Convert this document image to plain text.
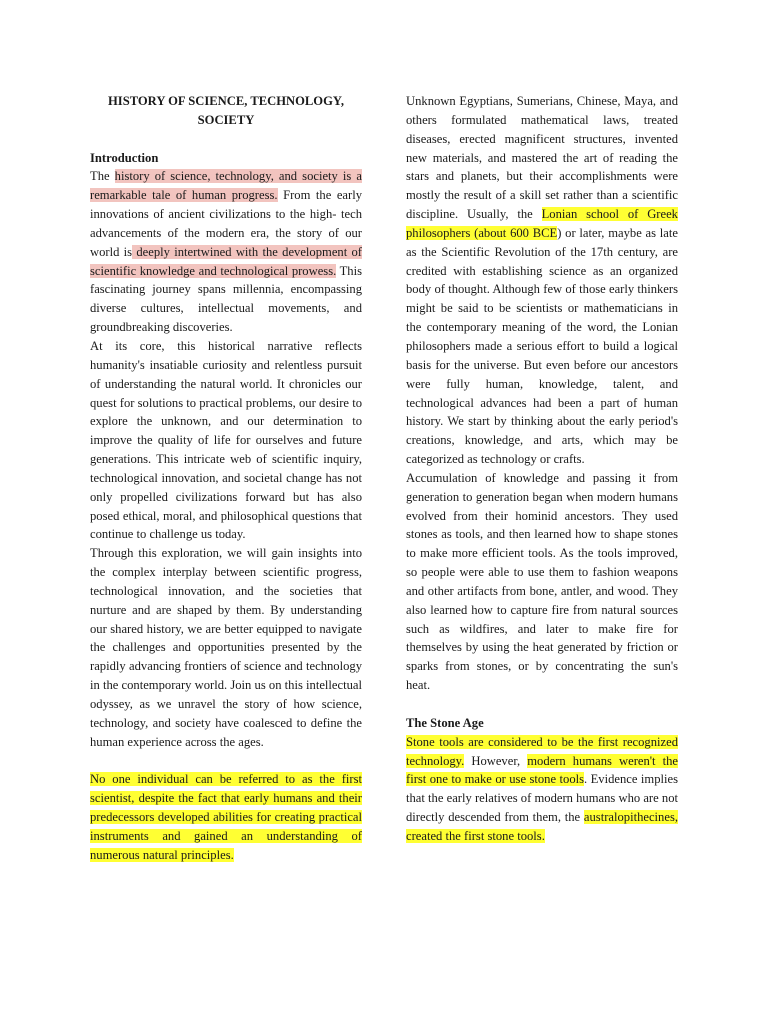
HISTORY OF SCIENCE, TECHNOLOGY, SOCIETY

Introduction

The history of science, technology, and society is a remarkable tale of human progress. From the early innovations of ancient civilizations to the high- tech advancements of the modern era, the story of our world is deeply intertwined with the development of scientific knowledge and technological prowess. This fascinating journey spans millennia, encompassing diverse cultures, intellectual movements, and groundbreaking discoveries.

At its core, this historical narrative reflects humanity's insatiable curiosity and relentless pursuit of understanding the natural world. It chronicles our quest for solutions to practical problems, our desire to explore the unknown, and our determination to improve the quality of life for ourselves and future generations. This intricate web of scientific inquiry, technological innovation, and societal change has not only propelled civilizations forward but has also posed ethical, moral, and philosophical questions that continue to challenge us today.

Through this exploration, we will gain insights into the complex interplay between scientific progress, technological innovation, and the societies that nurture and are shaped by them. By understanding our shared history, we are better equipped to navigate the challenges and opportunities presented by the rapidly advancing frontiers of science and technology in the contemporary world. Join us on this intellectual odyssey, as we unravel the story of how science, technology, and society have coalesced to define the human experience across the ages.

No one individual can be referred to as the first scientist, despite the fact that early humans and their predecessors developed abilities for creating practical instruments and gained an understanding of numerous natural principles.

Unknown Egyptians, Sumerians, Chinese, Maya, and others formulated mathematical laws, treated diseases, erected magnificent structures, invented new materials, and mastered the art of reading the stars and planets, but their accomplishments were mostly the result of a skill set rather than a scientific discipline. Usually, the Lonian school of Greek philosophers (about 600 BCE) or later, maybe as late as the Scientific Revolution of the 17th century, are credited with establishing science as an organized body of thought. Although few of those early thinkers might be said to be scientists or mathematicians in the contemporary meaning of the word, the Lonian philosophers made a serious effort to build a logical basis for the universe. But even before our ancestors were fully human, knowledge, talent, and technological advances had been a part of human history. We start by thinking about the early period's creations, knowledge, and arts, which may be categorized as technology or crafts.

Accumulation of knowledge and passing it from generation to generation began when modern humans evolved from their hominid ancestors. They used stones as tools, and then learned how to shape stones to make more efficient tools. As the tools improved, so people were able to use them to fashion weapons and other artifacts from bone, antler, and wood. They also learned how to capture fire from natural sources such as wildfires, and later to make fire for themselves by using the heat generated by friction or sparks from stones, or by concentrating the sun's heat.

The Stone Age

Stone tools are considered to be the first recognized technology. However, modern humans weren't the first one to make or use stone tools. Evidence implies that the early relatives of modern humans who are not directly descended from them, the australopithecines, created the first stone tools.
